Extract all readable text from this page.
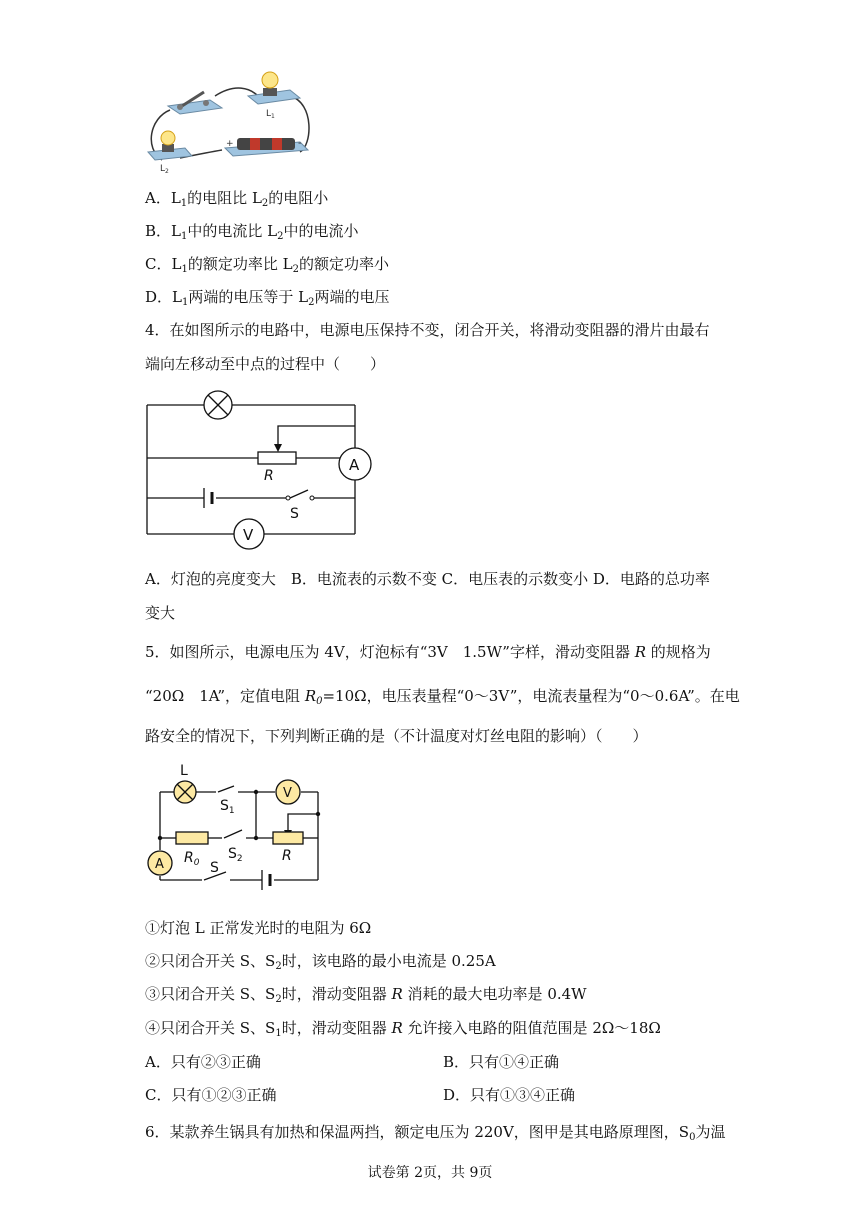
$L_1$
$L_2$
+	-
A．$L_1$的电阻比 $L_2$的电阻小
B．$L_1$中的电流比 $L_2$中的电流小
C．$L_1$的额定功率比 $L_2$的额定功率小
D．$L_1$两端的电压等于 $L_2$两端的电压
4．在如图所示的电路中，电源电压保持不变，闭合开关，将滑动变阻器的滑片由最右
端向左移动至中点的过程中（　　）
R
A
S
V
A．灯泡的亮度变大　B．电流表的示数不变 C．电压表的示数变小 D．电路的总功率
变大
5．如图所示，电源电压为 4V，灯泡标有“3V　1.5W”字样，滑动变阻器 R 的规格为
“20Ω　1A”，定值电阻 $R_0=10\Omega$，电压表量程“0～3V”，电流表量程为“0～0.6A”。在电
路安全的情况下，下列判断正确的是（不计温度对灯丝电阻的影响）（　　）
L
$S_1$
V
$R_0$
$S_2$	R
A	S
①灯泡 L 正常发光时的电阻为 6Ω
②只闭合开关 S、$S_2$时，该电路的最小电流是 0.25A
③只闭合开关 S、$S_2$时，滑动变阻器 R 消耗的最大电功率是 0.4W
④只闭合开关 S、$S_1$时，滑动变阻器 R 允许接入电路的阻值范围是 2Ω～18Ω
A．只有②③正确	B．只有①④正确
C．只有①②③正确	D．只有①③④正确
6．某款养生锅具有加热和保温两挡，额定电压为 220V，图甲是其电路原理图，$S_0$为温
试卷第 2页，共 9页
